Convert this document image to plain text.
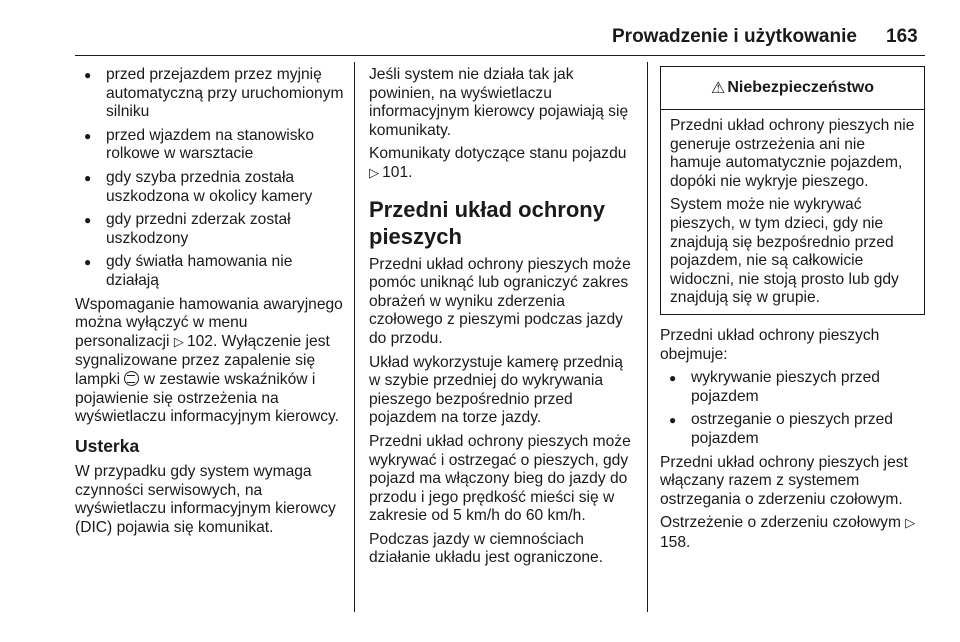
Prowadzenie i użytkowanie 163
● przed przejazdem przez myjnię automatyczną przy uruchomionym silniku
● przed wjazdem na stanowisko rolkowe w warsztacie
● gdy szyba przednia została uszkodzona w okolicy kamery
● gdy przedni zderzak został uszkodzony
● gdy światła hamowania nie działają

Wspomaganie hamowania awaryjnego można wyłączyć w menu personalizacji ▷  102. Wyłączenie jest sygnalizowane przez zapalenie się lampki  w zestawie wskaźników i pojawienie się ostrzeżenia na wyświetlaczu informacyjnym kierowcy.

Usterka

W przypadku gdy system wymaga czynności serwisowych, na wyświetlaczu informacyjnym kierowcy (DIC) pojawia się komunikat.

Jeśli system nie działa tak jak powinien, na wyświetlaczu informacyjnym kierowcy pojawiają się komunikaty.

Komunikaty dotyczące stanu pojazdu ▷  101.

Przedni układ ochrony pieszych

Przedni układ ochrony pieszych może pomóc uniknąć lub ograniczyć zakres obrażeń w wyniku zderzenia czołowego z pieszymi podczas jazdy do przodu.

Układ wykorzystuje kamerę przednią w szybie przedniej do wykrywania pieszego bezpośrednio przed pojazdem na torze jazdy.

Przedni układ ochrony pieszych może wykrywać i ostrzegać o pieszych, gdy pojazd ma włączony bieg do jazdy do przodu i jego prędkość mieści się w zakresie od 5 km/h do 60 km/h.

Podczas jazdy w ciemnościach działanie układu jest ograniczone.

⚠ Niebezpieczeństwo

Przedni układ ochrony pieszych nie generuje ostrzeżenia ani nie hamuje automatycznie pojazdem, dopóki nie wykryje pieszego.

System może nie wykrywać pieszych, w tym dzieci, gdy nie znajdują się bezpośrednio przed pojazdem, nie są całkowicie widoczni, nie stoją prosto lub gdy znajdują się w grupie.

Przedni układ ochrony pieszych obejmuje:

● wykrywanie pieszych przed pojazdem
● ostrzeganie o pieszych przed pojazdem

Przedni układ ochrony pieszych jest włączany razem z systemem ostrzegania o zderzeniu czołowym.

Ostrzeżenie o zderzeniu czołowym ▷ 158.
